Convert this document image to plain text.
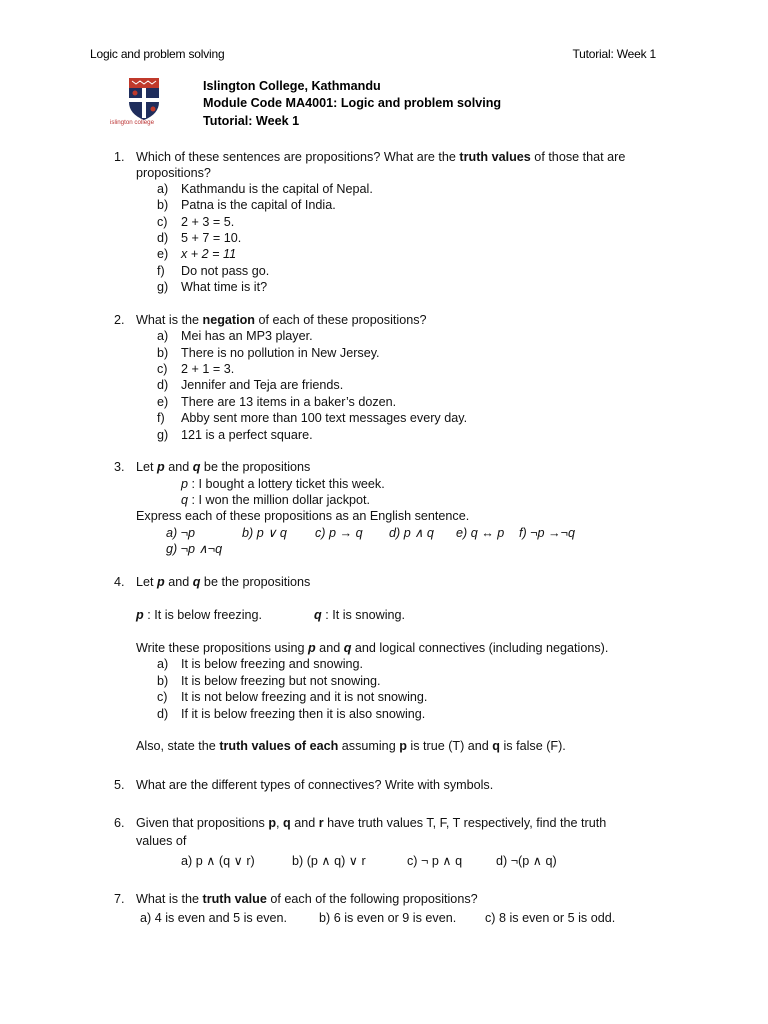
Logic and problem solving	Tutorial: Week 1
islington college
Islington College, Kathmandu
Module Code MA4001: Logic and problem solving
Tutorial: Week 1
1. Which of these sentences are propositions? What are the truth values of those that are
propositions?
a) Kathmandu is the capital of Nepal.
b) Patna is the capital of India.
c) 2 + 3 = 5.
d) 5 + 7 = 10.
e) x + 2 = 11
f) Do not pass go.
g) What time is it?
2. What is the negation of each of these propositions?
a) Mei has an MP3 player.
b) There is no pollution in New Jersey.
c) 2 + 1 = 3.
d) Jennifer and Teja are friends.
e) There are 13 items in a baker’s dozen.
f) Abby sent more than 100 text messages every day.
g) 121 is a perfect square.
3. Let p and q be the propositions
p : I bought a lottery ticket this week.
q : I won the million dollar jackpot.
Express each of these propositions as an English sentence.
a) ¬p	b) p ∨ q c) p → q d) p ∧ q e) q ↔ p f) ¬p →¬q
g) ¬p ∧¬q
4. Let p and q be the propositions
p : It is below freezing.	q : It is snowing.
Write these propositions using p and q and logical connectives (including negations).
a) It is below freezing and snowing.
b) It is below freezing but not snowing.
c) It is not below freezing and it is not snowing.
d) If it is below freezing then it is also snowing.
Also, state the truth values of each assuming p is true (T) and q is false (F).
5. What are the different types of connectives? Write with symbols.
6. Given that propositions p, q and r have truth values T, F, T respectively, find the truth
values of
a) p ∧ (q ∨ r)	b) (p ∧ q) ∨ r	c) ¬ p ∧ q	d) ¬(p ∧ q)
7. What is the truth value of each of the following propositions?
a) 4 is even and 5 is even.	b) 6 is even or 9 is even. c) 8 is even or 5 is odd.
